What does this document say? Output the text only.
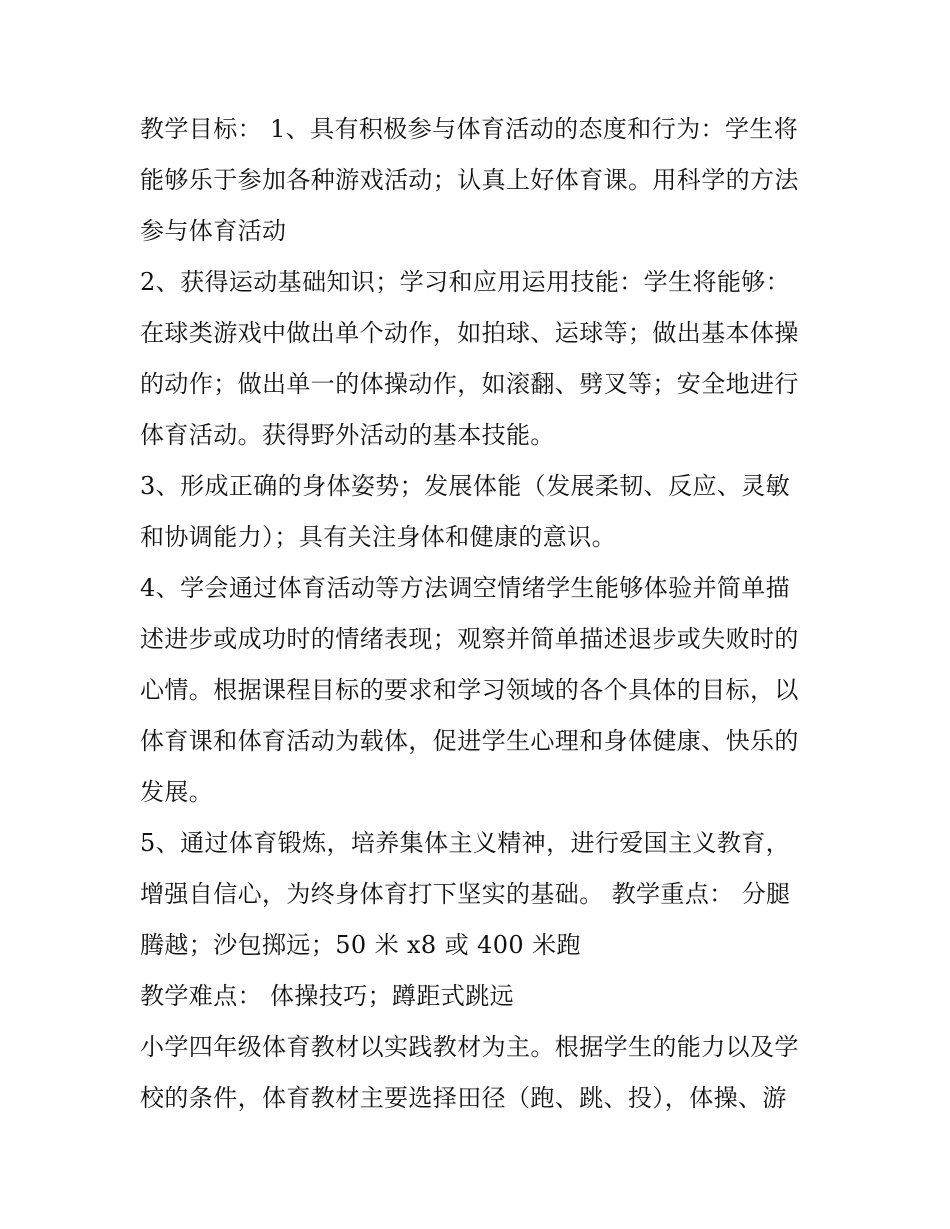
教学目标： 1、具有积极参与体育活动的态度和行为：学生将
能够乐于参加各种游戏活动；认真上好体育课。用科学的方法
参与体育活动

2、获得运动基础知识；学习和应用运用技能：学生将能够：
在球类游戏中做出单个动作，如拍球、运球等；做出基本体操
的动作；做出单一的体操动作，如滚翻、劈叉等；安全地进行
体育活动。获得野外活动的基本技能。

3、形成正确的身体姿势；发展体能（发展柔韧、反应、灵敏
和协调能力）；具有关注身体和健康的意识。

4、学会通过体育活动等方法调空情绪学生能够体验并简单描
述进步或成功时的情绪表现；观察并简单描述退步或失败时的
心情。根据课程目标的要求和学习领域的各个具体的目标，以
体育课和体育活动为载体，促进学生心理和身体健康、快乐的
发展。

5、通过体育锻炼，培养集体主义精神，进行爱国主义教育，
增强自信心，为终身体育打下坚实的基础。 教学重点： 分腿
腾越；沙包掷远；50 米 x8 或 400 米跑

教学难点： 体操技巧；蹲距式跳远

小学四年级体育教材以实践教材为主。根据学生的能力以及学
校的条件，体育教材主要选择田径（跑、跳、投），体操、游
